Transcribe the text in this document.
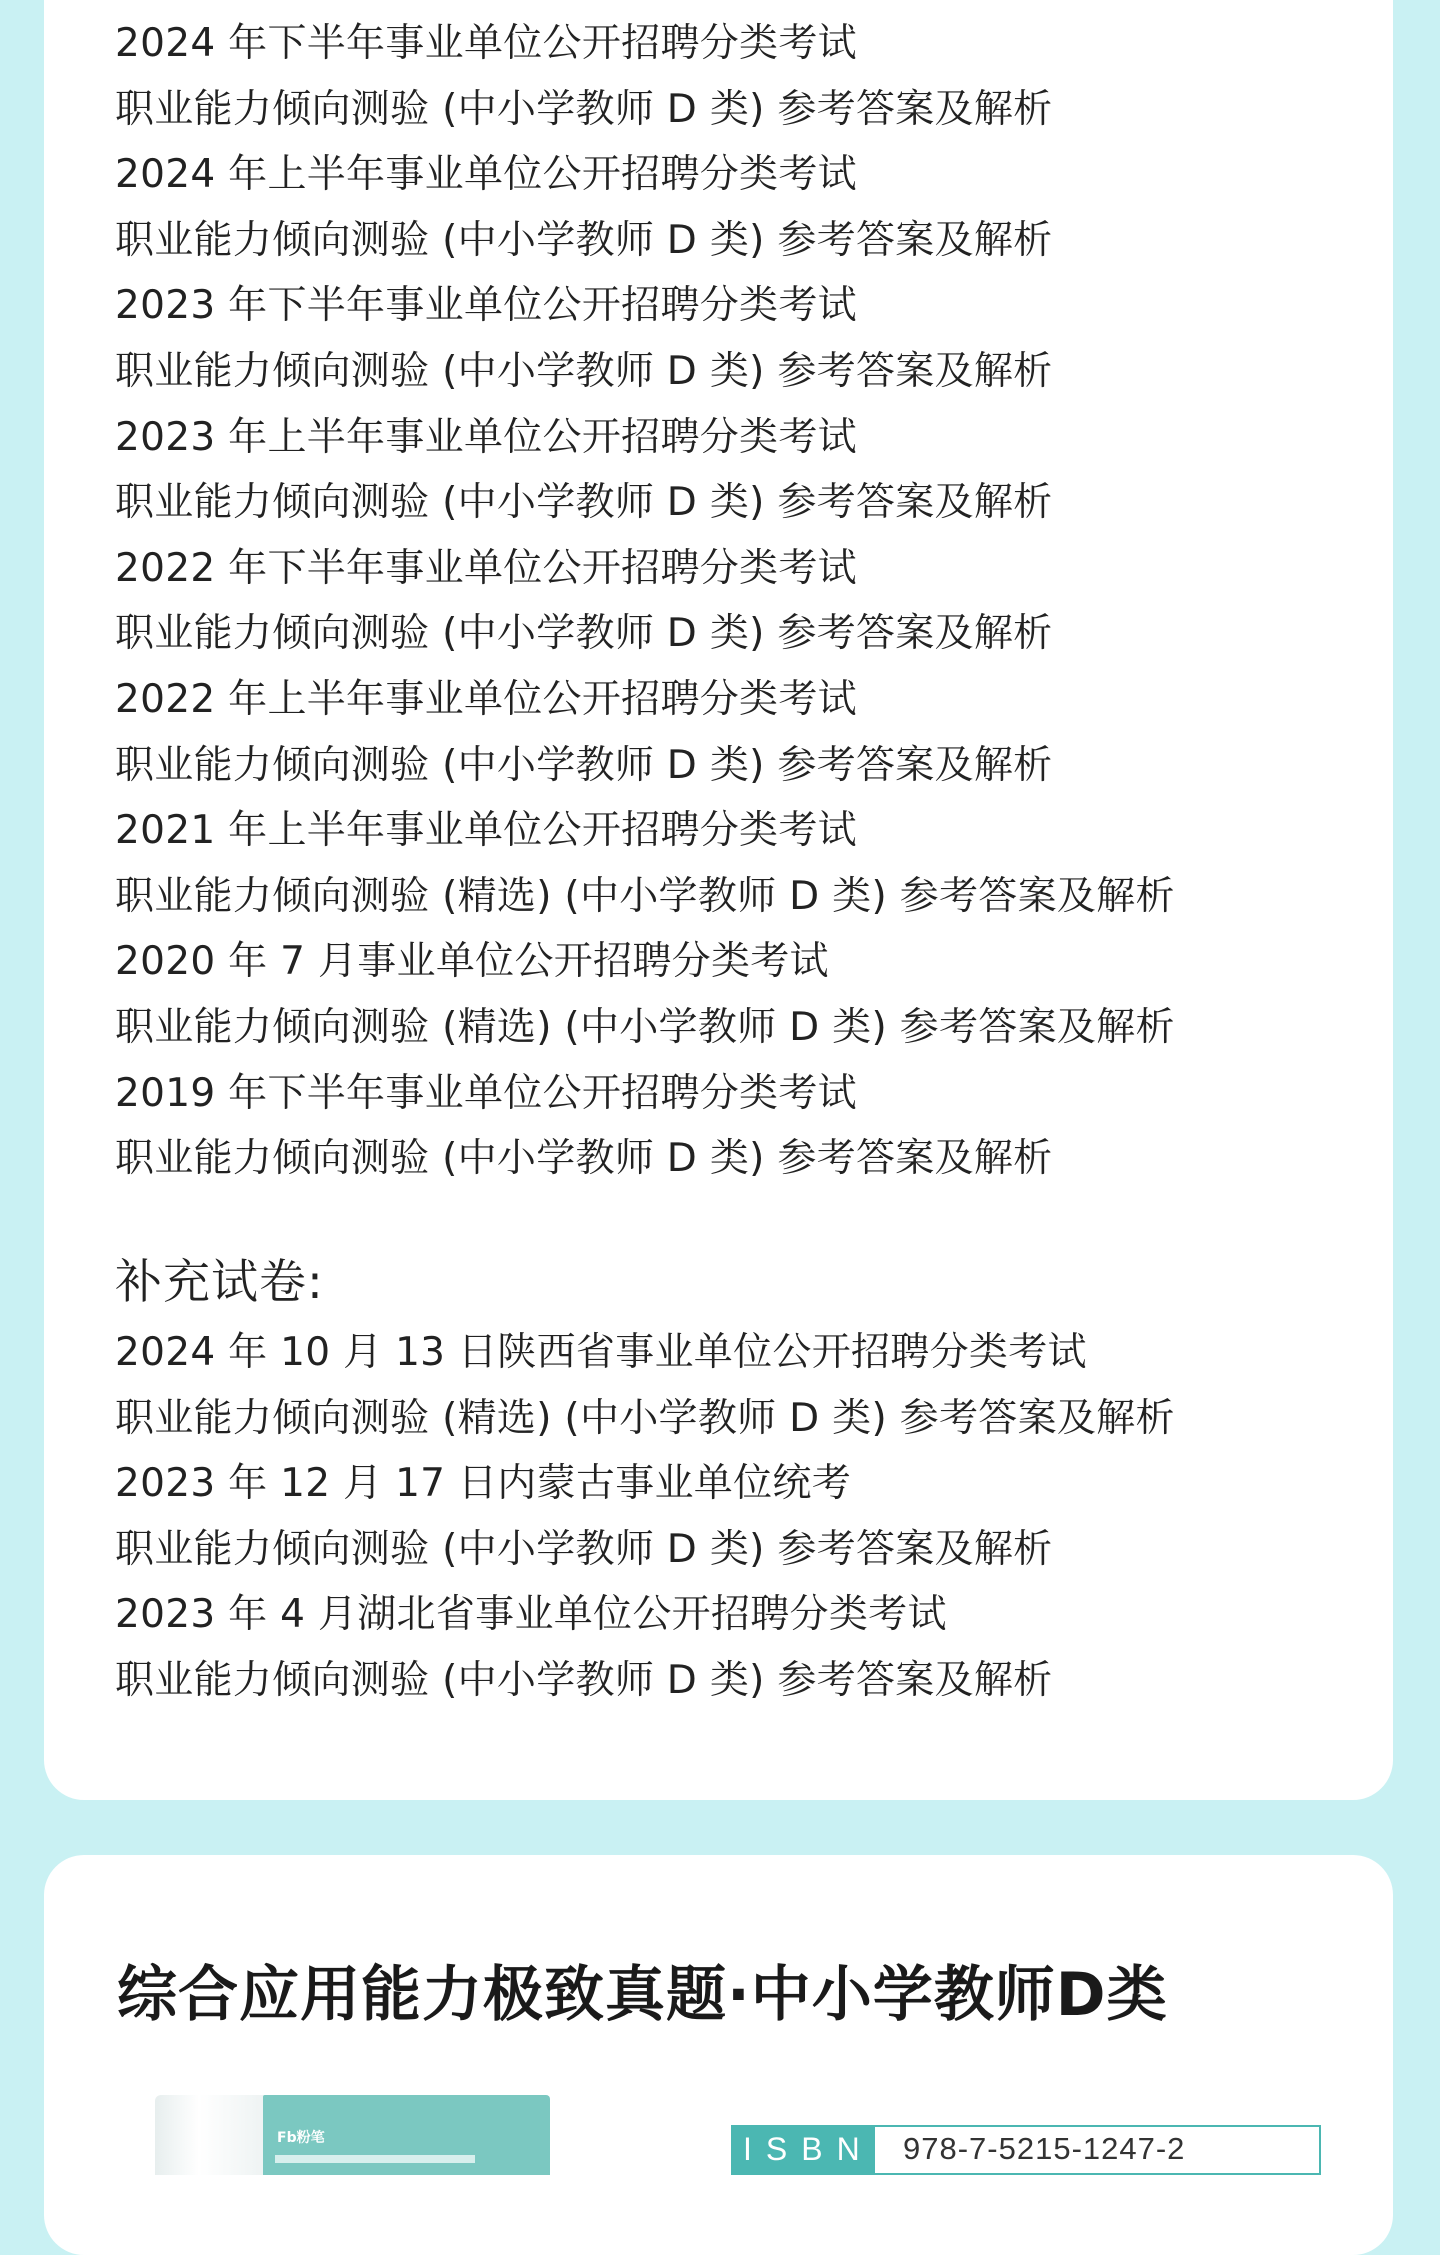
2024 年下半年事业单位公开招聘分类考试
职业能力倾向测验 (中小学教师 D 类) 参考答案及解析
2024 年上半年事业单位公开招聘分类考试
职业能力倾向测验 (中小学教师 D 类) 参考答案及解析
2023 年下半年事业单位公开招聘分类考试
职业能力倾向测验 (中小学教师 D 类) 参考答案及解析
2023 年上半年事业单位公开招聘分类考试
职业能力倾向测验 (中小学教师 D 类) 参考答案及解析
2022 年下半年事业单位公开招聘分类考试
职业能力倾向测验 (中小学教师 D 类) 参考答案及解析
2022 年上半年事业单位公开招聘分类考试
职业能力倾向测验 (中小学教师 D 类) 参考答案及解析
2021 年上半年事业单位公开招聘分类考试
职业能力倾向测验 (精选) (中小学教师 D 类) 参考答案及解析
2020 年 7 月事业单位公开招聘分类考试
职业能力倾向测验 (精选) (中小学教师 D 类) 参考答案及解析
2019 年下半年事业单位公开招聘分类考试
职业能力倾向测验 (中小学教师 D 类) 参考答案及解析
补充试卷:
2024 年 10 月 13 日陕西省事业单位公开招聘分类考试
职业能力倾向测验 (精选) (中小学教师 D 类) 参考答案及解析
2023 年 12 月 17 日内蒙古事业单位统考
职业能力倾向测验 (中小学教师 D 类) 参考答案及解析
2023 年 4 月湖北省事业单位公开招聘分类考试
职业能力倾向测验 (中小学教师 D 类) 参考答案及解析
综合应用能力极致真题·中小学教师D类
Fb粉笔	ISBN 978-7-5215-1247-2
